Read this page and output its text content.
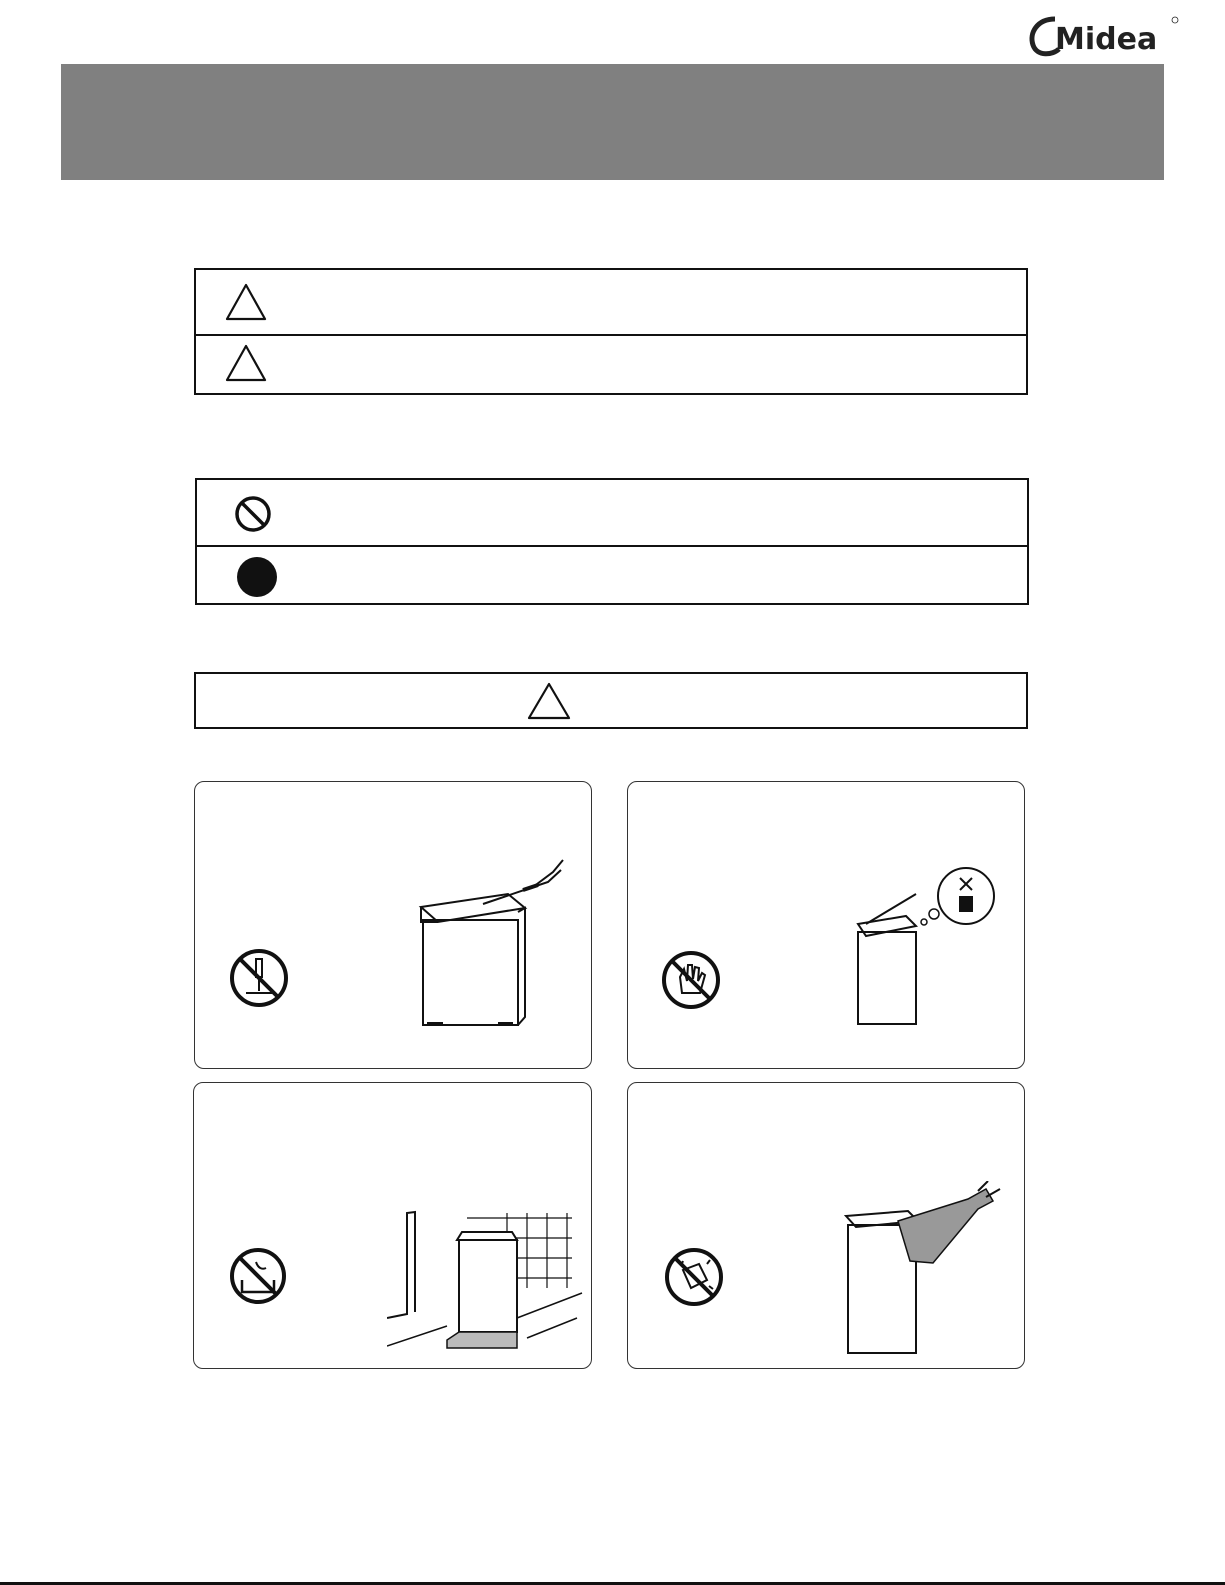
Midea
